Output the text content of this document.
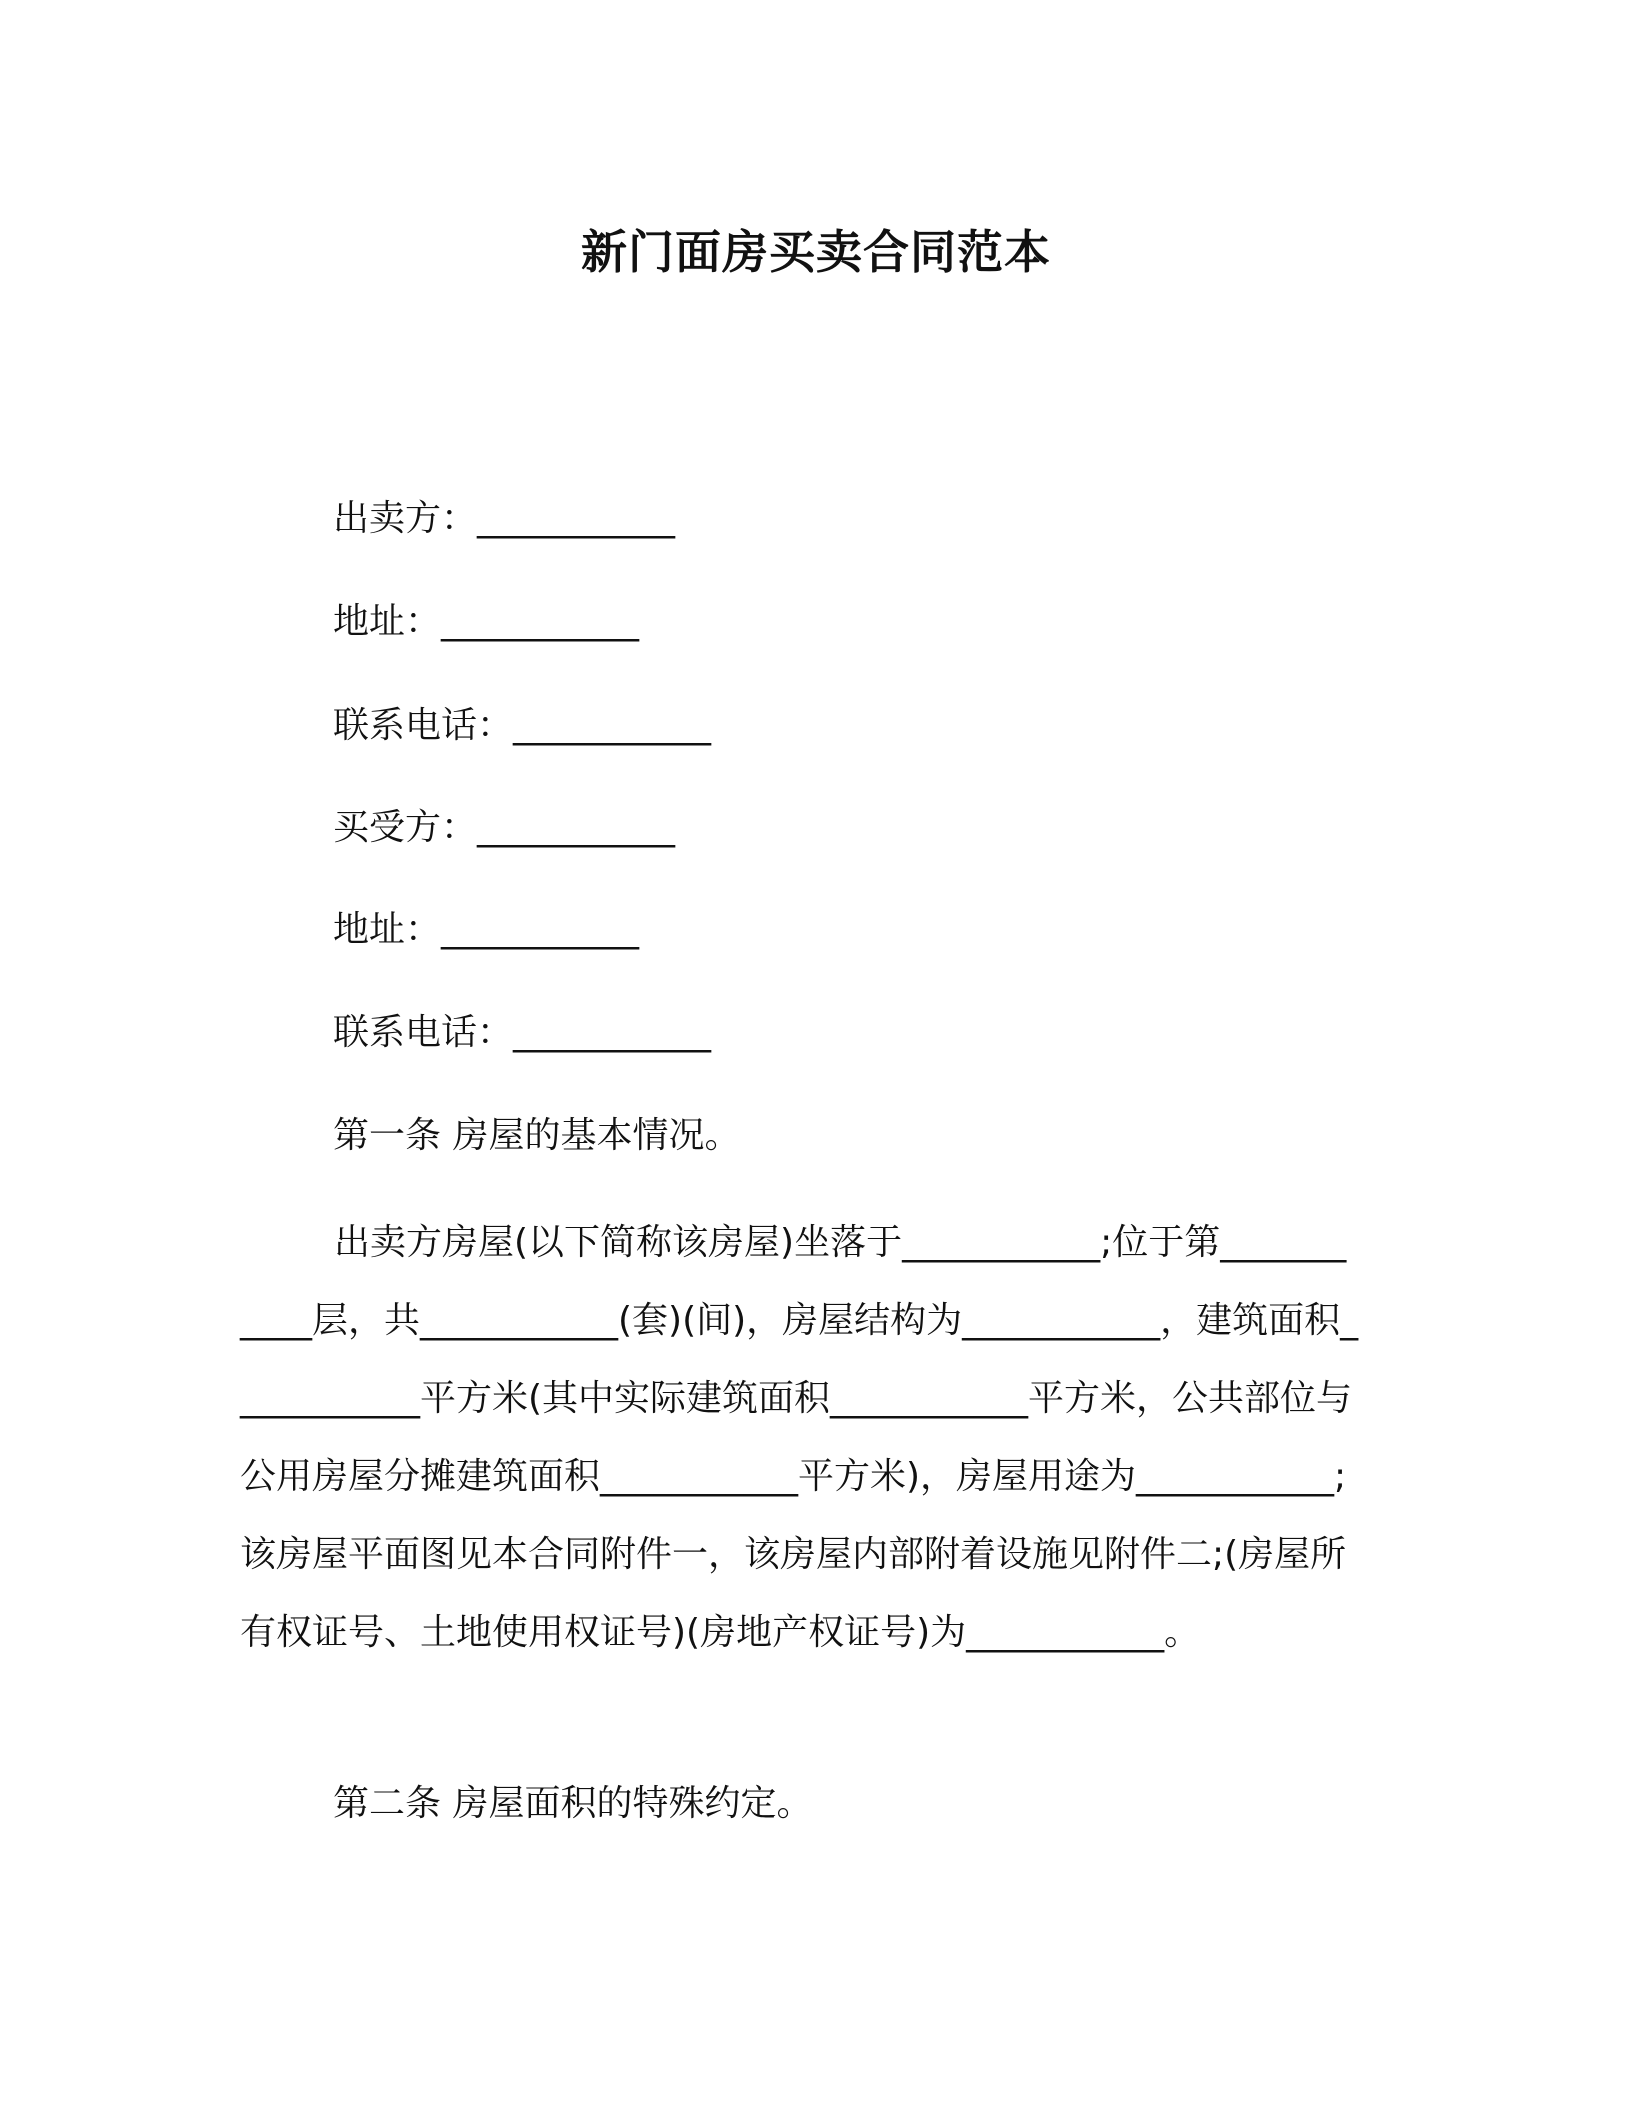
新门面房买卖合同范本
出卖方：___________
地址：___________
联系电话：___________
买受方：___________
地址：___________
联系电话：___________
第一条 房屋的基本情况。
出卖方房屋(以下简称该房屋)坐落于___________;位于第___________层，共___________(套)(间)，房屋结构为___________，建筑面积___________平方米(其中实际建筑面积___________平方米，公共部位与公用房屋分摊建筑面积___________平方米)，房屋用途为___________;该房屋平面图见本合同附件一，该房屋内部附着设施见附件二;(房屋所有权证号、土地使用权证号)(房地产权证号)为___________。
第二条 房屋面积的特殊约定。
